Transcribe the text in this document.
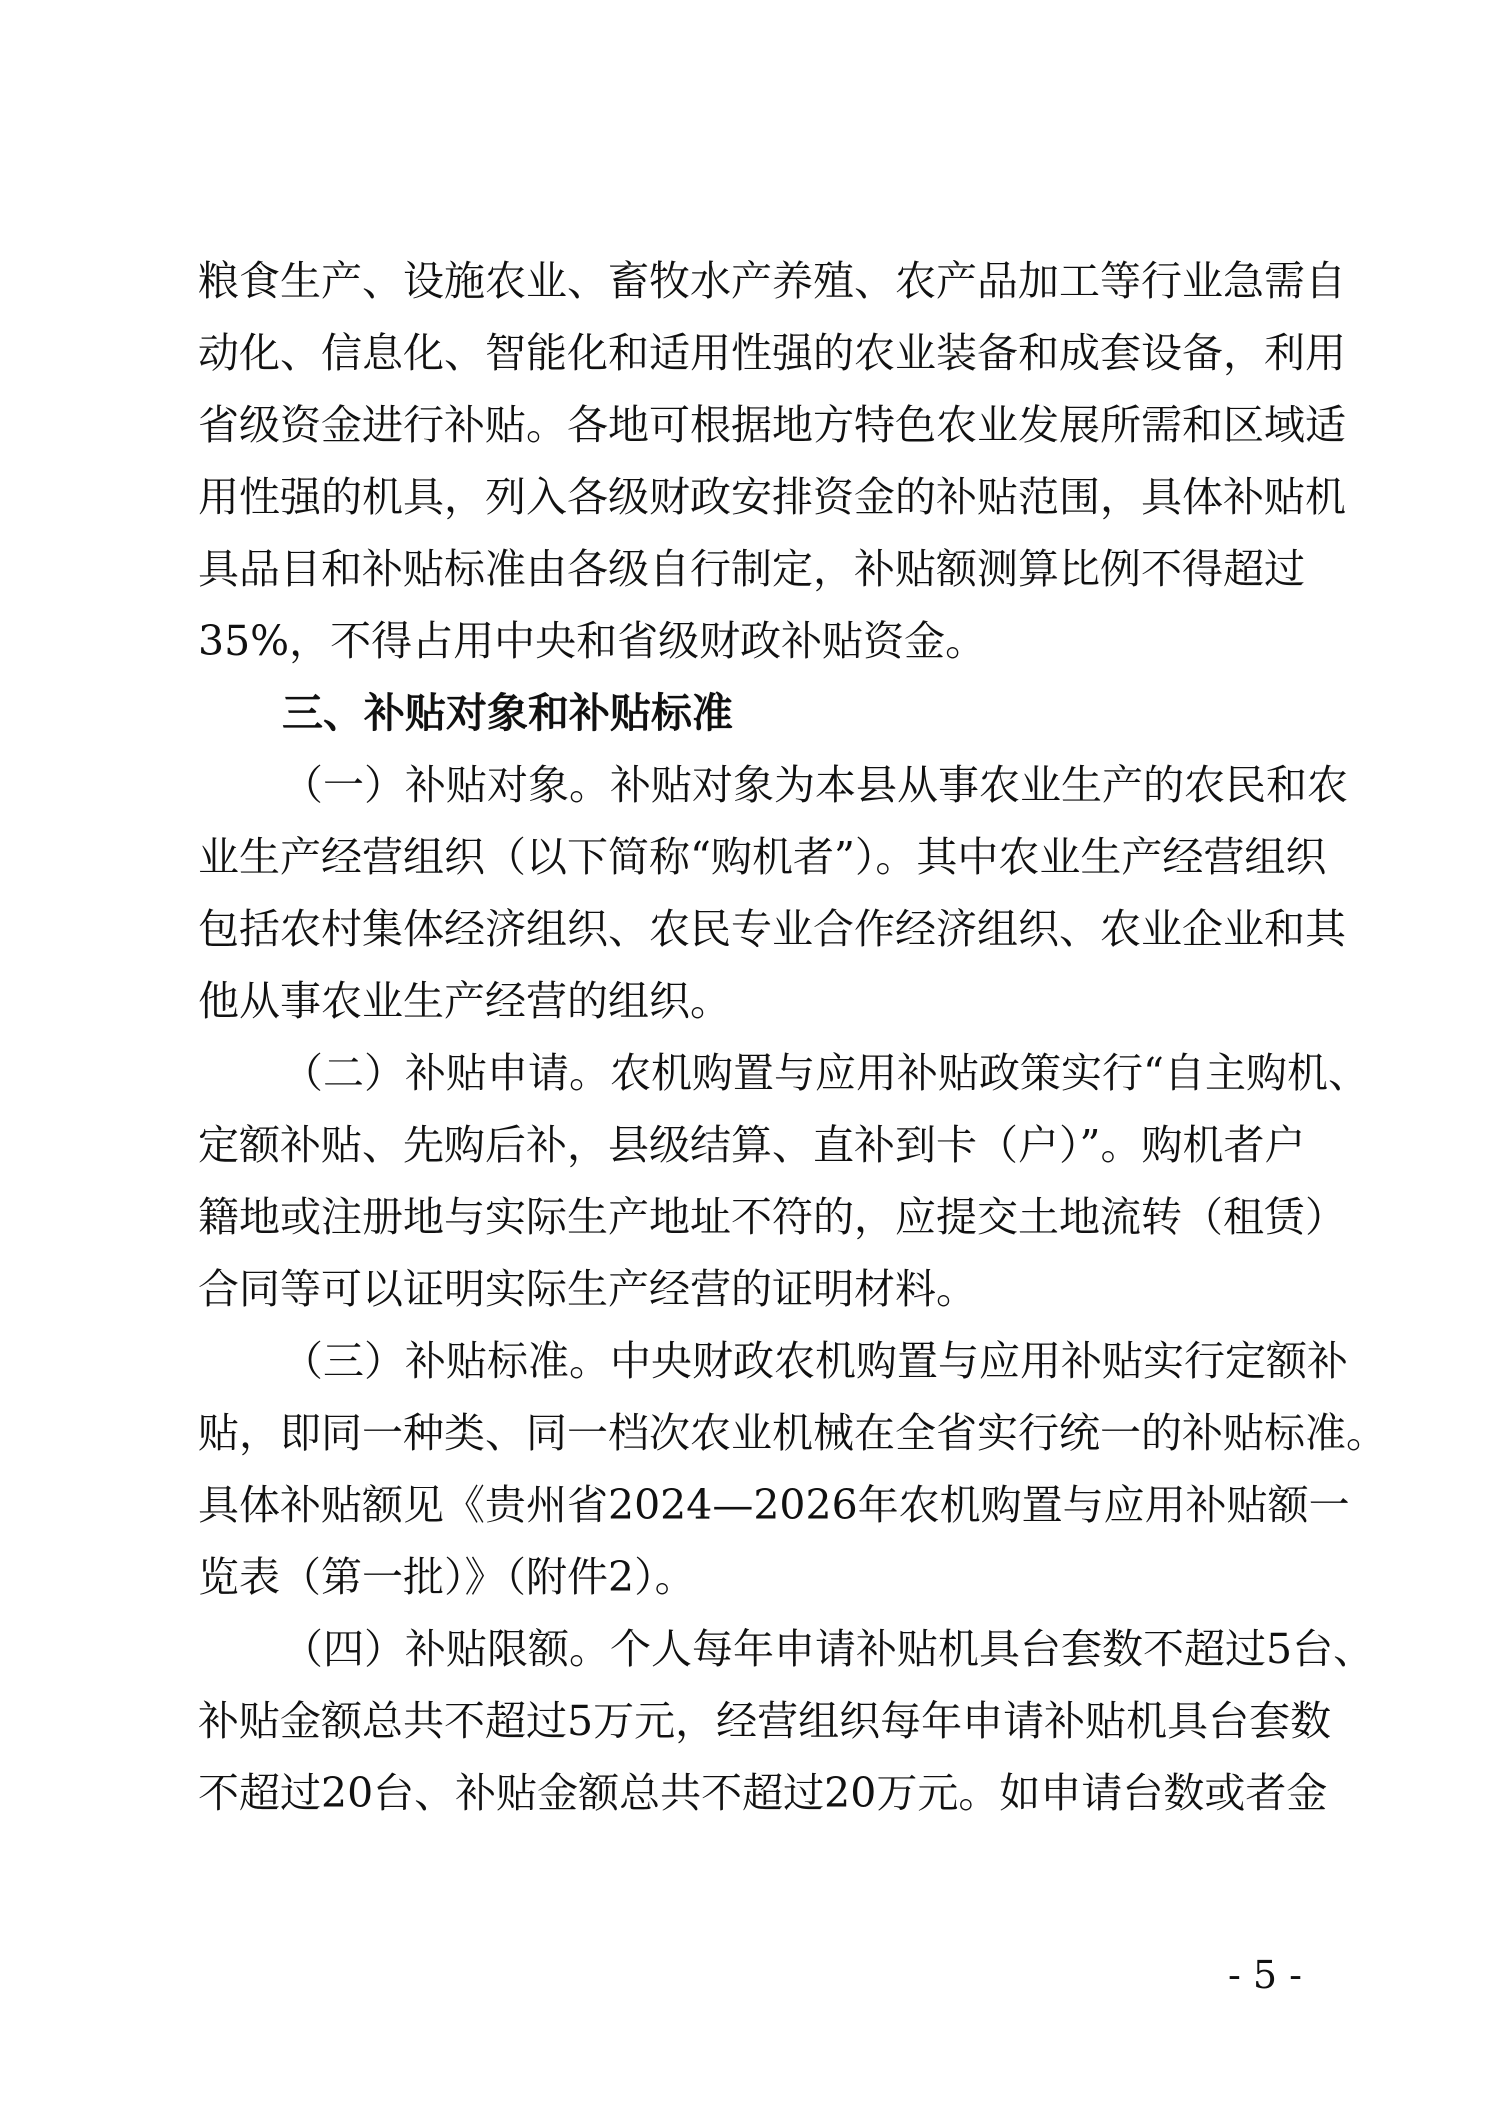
粮食生产、设施农业、畜牧水产养殖、农产品加工等行业急需自
动化、信息化、智能化和适用性强的农业装备和成套设备，利用
省级资金进行补贴。各地可根据地方特色农业发展所需和区域适
用性强的机具，列入各级财政安排资金的补贴范围，具体补贴机
具品目和补贴标准由各级自行制定，补贴额测算比例不得超过
35%，不得占用中央和省级财政补贴资金。
三、补贴对象和补贴标准
（一）补贴对象。补贴对象为本县从事农业生产的农民和农
业生产经营组织（以下简称“购机者”）。其中农业生产经营组织
包括农村集体经济组织、农民专业合作经济组织、农业企业和其
他从事农业生产经营的组织。
（二）补贴申请。农机购置与应用补贴政策实行“自主购机、
定额补贴、先购后补，县级结算、直补到卡（户）”。购机者户
籍地或注册地与实际生产地址不符的，应提交土地流转（租赁）
合同等可以证明实际生产经营的证明材料。
（三）补贴标准。中央财政农机购置与应用补贴实行定额补
贴，即同一种类、同一档次农业机械在全省实行统一的补贴标准。
具体补贴额见《贵州省2024—2026年农机购置与应用补贴额一
览表（第一批）》（附件2）。
（四）补贴限额。个人每年申请补贴机具台套数不超过5台、
补贴金额总共不超过5万元，经营组织每年申请补贴机具台套数
不超过20台、补贴金额总共不超过20万元。如申请台数或者金
- 5 -
